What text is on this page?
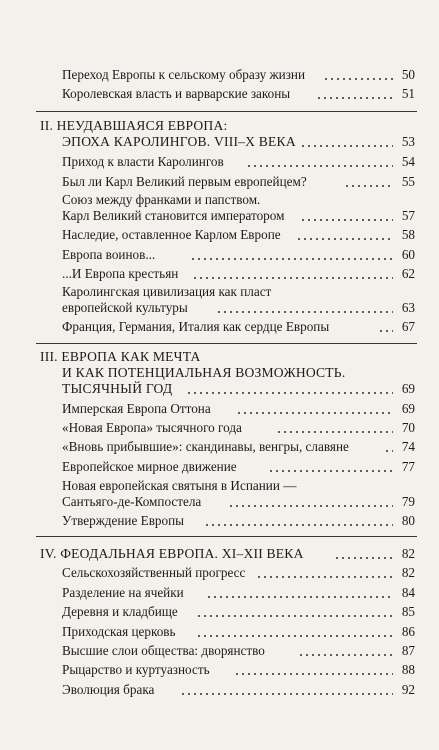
Переход Европы к сельскому образу жизни	50
Королевская власть и варварские законы	51
II. НЕУДАВШАЯСЯ ЕВРОПА:
ЭПОХА КАРОЛИНГОВ. VIII–X ВЕКА	53
Приход к власти Каролингов	54
Был ли Карл Великий первым европейцем?	55
Союз между франками и папством.
Карл Великий становится императором	57
Наследие, оставленное Карлом Европе	58
Европа воинов...	60
...И Европа крестьян	62
Каролингская цивилизация как пласт
европейской культуры	63
Франция, Германия, Италия как сердце Европы	67
III. ЕВРОПА КАК МЕЧТА
И КАК ПОТЕНЦИАЛЬНАЯ ВОЗМОЖНОСТЬ.
ТЫСЯЧНЫЙ ГОД	69
Имперская Европа Оттона	69
«Новая Европа» тысячного года	70
«Вновь прибывшие»: скандинавы, венгры, славяне	74
Европейское мирное движение	77
Новая европейская святыня в Испании —
Сантьяго-де-Компостела	79
Утверждение Европы	80
IV. ФЕОДАЛЬНАЯ ЕВРОПА. XI–XII ВЕКА	82
Сельскохозяйственный прогресс	82
Разделение на ячейки	84
Деревня и кладбище	85
Приходская церковь	86
Высшие слои общества: дворянство	87
Рыцарство и куртуазность	88
Эволюция брака	92
